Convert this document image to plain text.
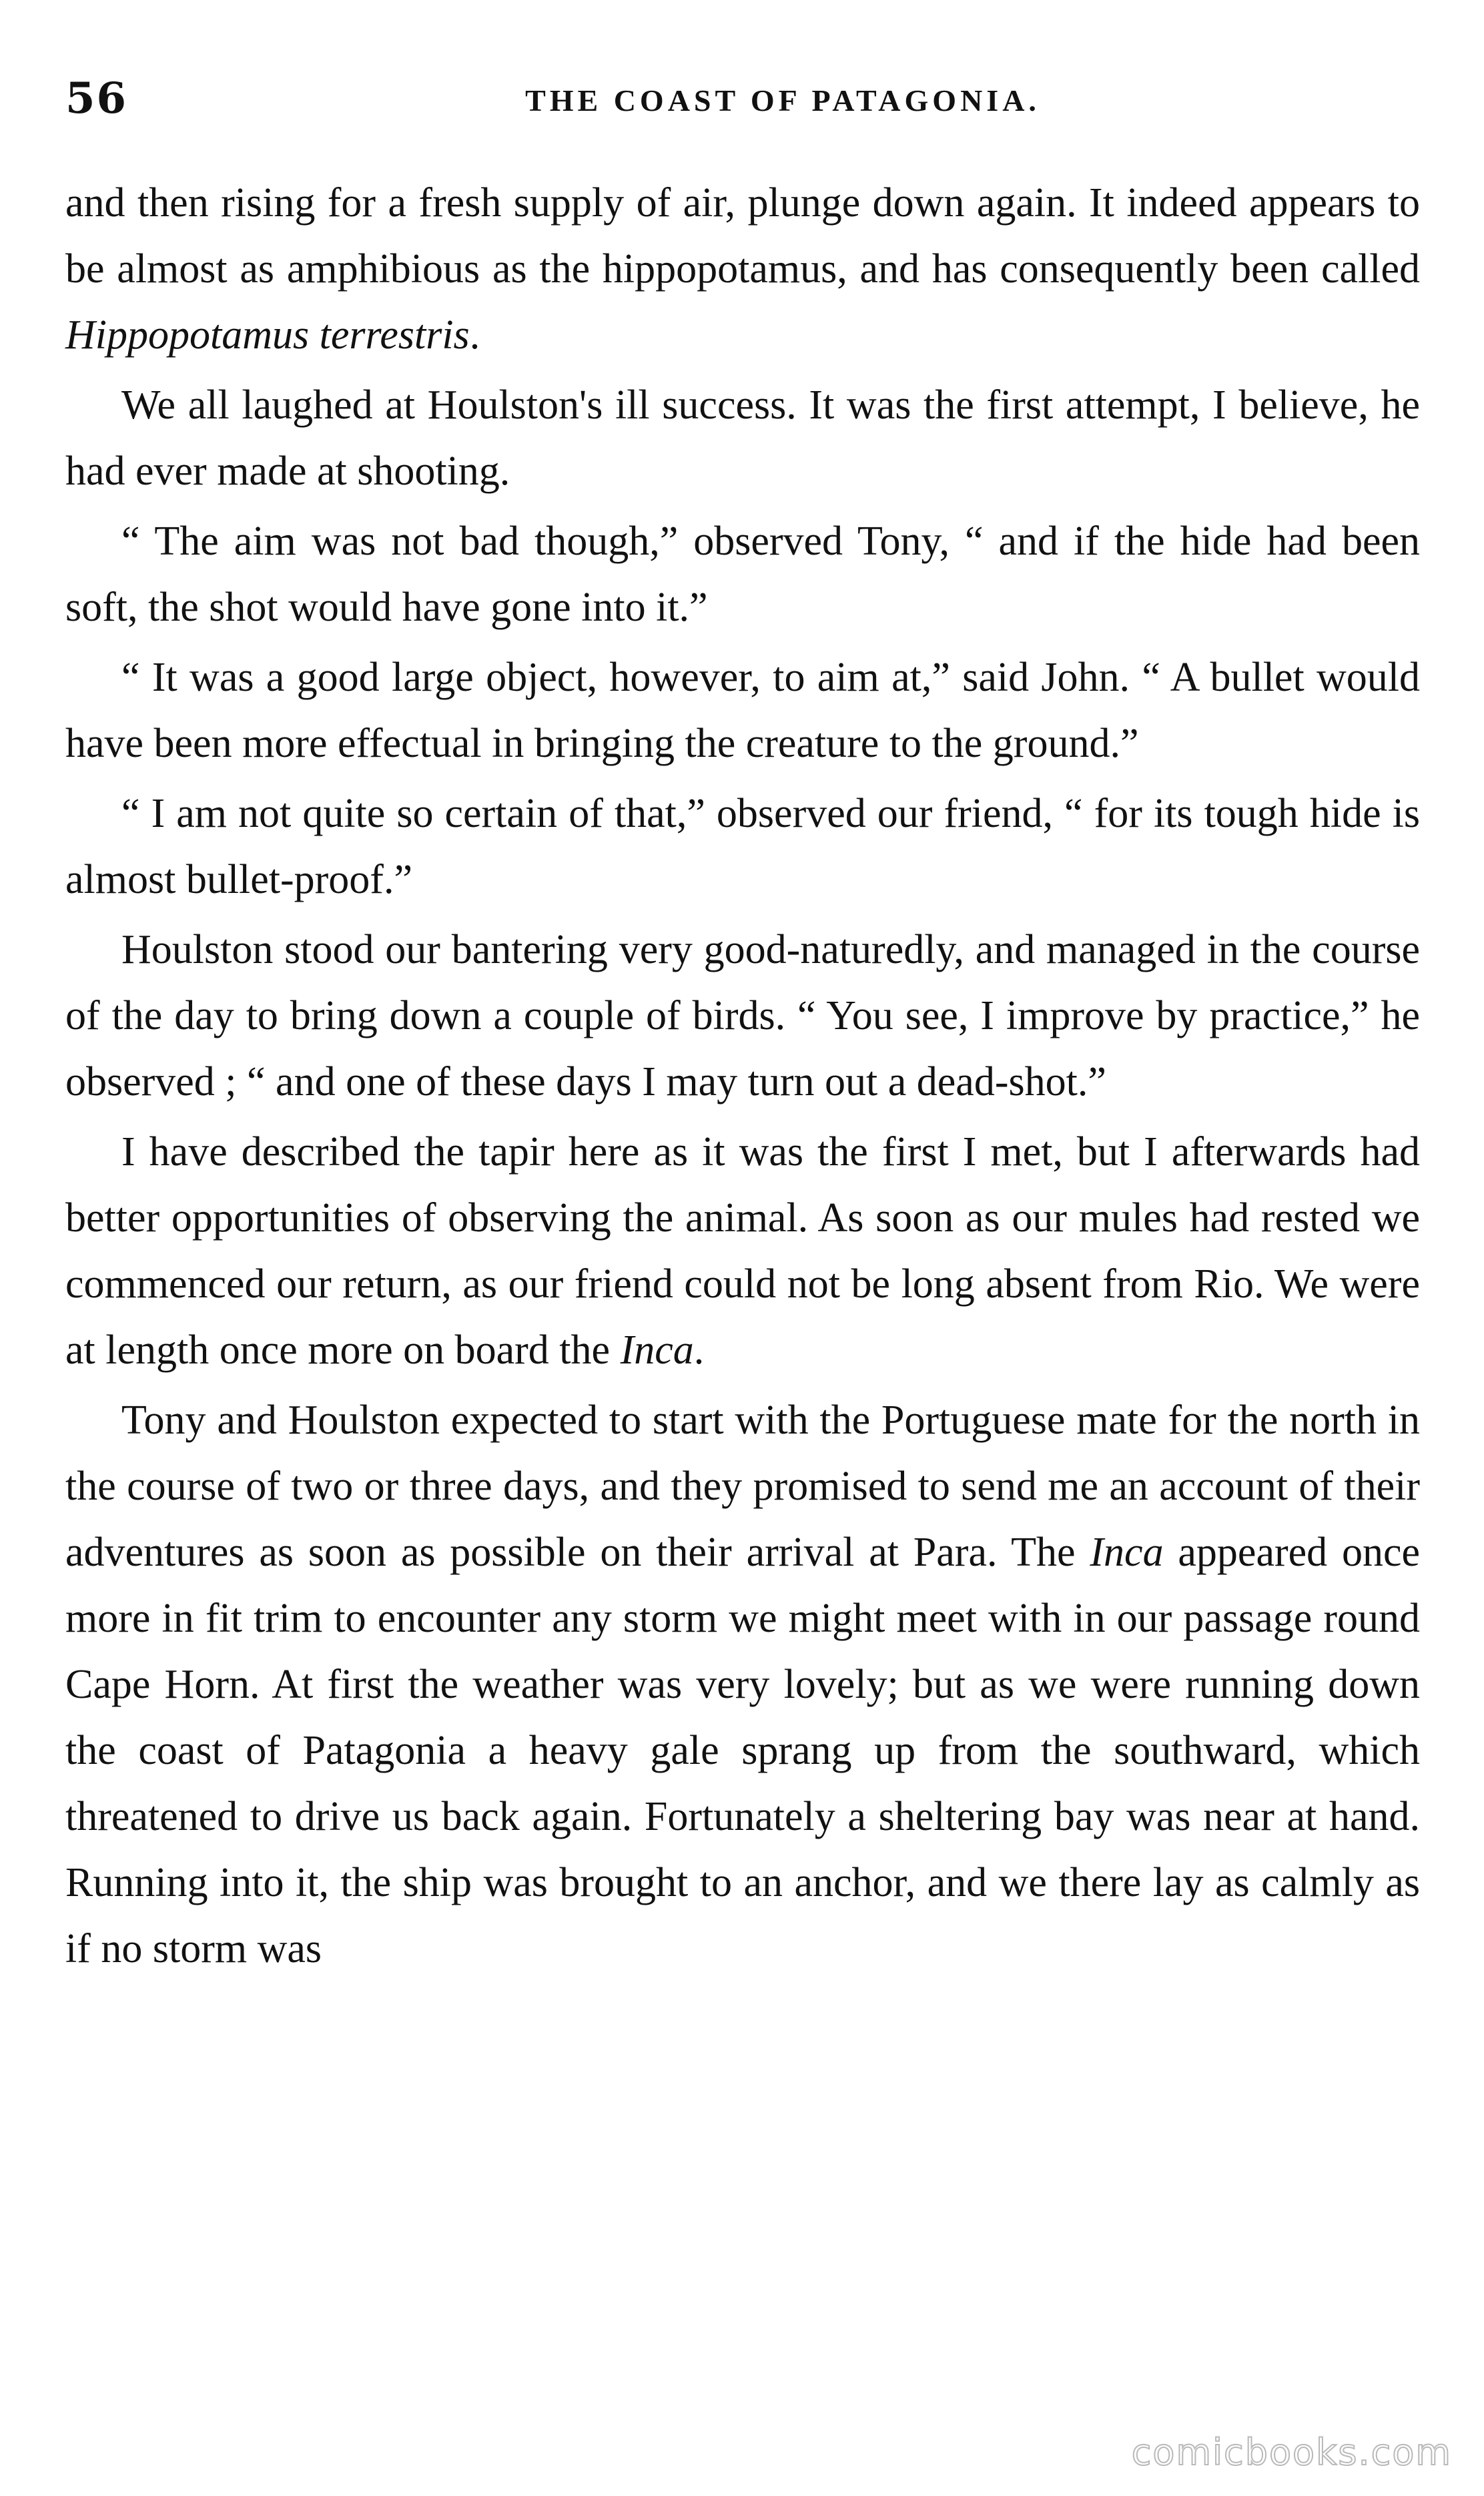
56	THE COAST OF PATAGONIA.

and then rising for a fresh supply of air, plunge down again. It indeed appears to be almost as amphibious as the hippopotamus, and has consequently been called Hippopotamus terrestris.

We all laughed at Houlston's ill success. It was the first attempt, I believe, he had ever made at shooting.

“ The aim was not bad though,” observed Tony, “ and if the hide had been soft, the shot would have gone into it.”

“ It was a good large object, however, to aim at,” said John. “ A bullet would have been more effectual in bringing the creature to the ground.”

“ I am not quite so certain of that,” observed our friend, “ for its tough hide is almost bullet-proof.”

Houlston stood our bantering very good-naturedly, and managed in the course of the day to bring down a couple of birds. “ You see, I improve by practice,” he observed ; “ and one of these days I may turn out a dead-shot.”

I have described the tapir here as it was the first I met, but I afterwards had better opportunities of observing the animal. As soon as our mules had rested we commenced our return, as our friend could not be long absent from Rio. We were at length once more on board the Inca.

Tony and Houlston expected to start with the Portuguese mate for the north in the course of two or three days, and they promised to send me an account of their adventures as soon as possible on their arrival at Para. The Inca appeared once more in fit trim to encounter any storm we might meet with in our passage round Cape Horn. At first the weather was very lovely; but as we were running down the coast of Patagonia a heavy gale sprang up from the southward, which threatened to drive us back again. Fortunately a sheltering bay was near at hand. Running into it, the ship was brought to an anchor, and we there lay as calmly as if no storm was

comicbooks.com
